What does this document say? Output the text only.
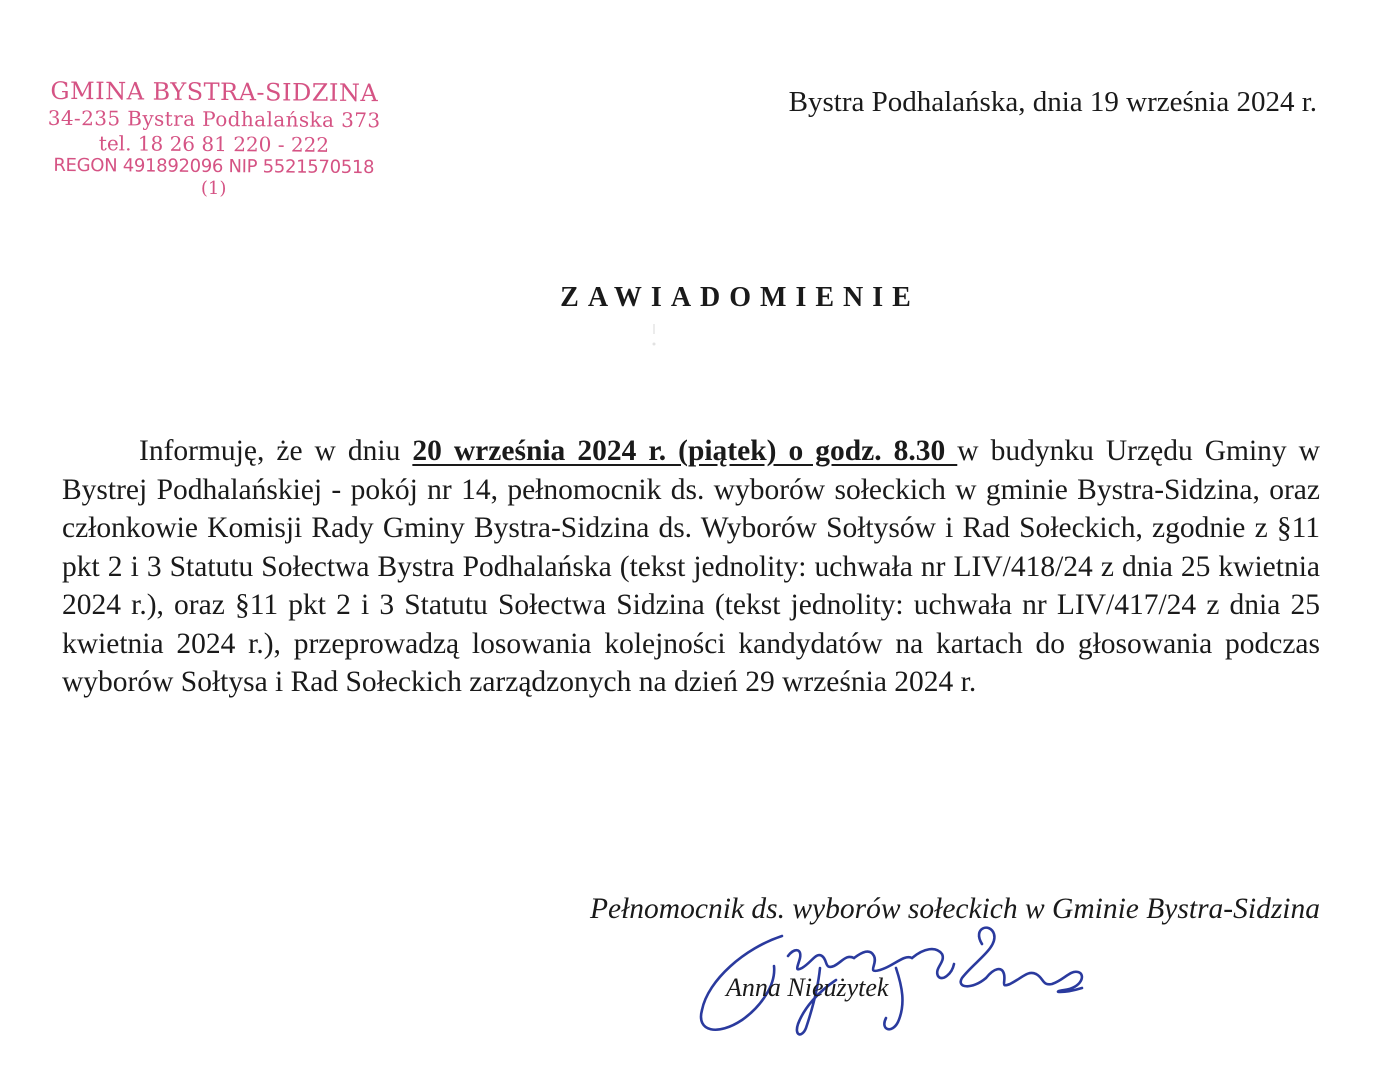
GMINA BYSTRA-SIDZINA
34-235 Bystra Podhalańska 373
tel. 18 26 81 220 - 222
REGON 491892096 NIP 5521570518
(1)
Bystra Podhalańska, dnia 19 września 2024 r.
ZAWIADOMIENIE

Informuję, że w dniu 20 września 2024 r. (piątek) o godz. 8.30 w budynku Urzędu Gminy w Bystrej Podhalańskiej - pokój nr 14, pełnomocnik ds. wyborów sołeckich w gminie Bystra-Sidzina, oraz członkowie Komisji Rady Gminy Bystra-Sidzina ds. Wyborów Sołtysów i Rad Sołeckich, zgodnie z §11 pkt 2 i 3 Statutu Sołectwa Bystra Podhalańska (tekst jednolity: uchwała nr LIV/418/24 z dnia 25 kwietnia 2024 r.), oraz §11 pkt 2 i 3 Statutu Sołectwa Sidzina (tekst jednolity: uchwała nr LIV/417/24 z dnia 25 kwietnia 2024 r.), przeprowadzą losowania kolejności kandydatów na kartach do głosowania podczas wyborów Sołtysa i Rad Sołeckich zarządzonych na dzień 29 września 2024 r.

Pełnomocnik ds. wyborów sołeckich w Gminie Bystra-Sidzina
Anna Nieużytek
